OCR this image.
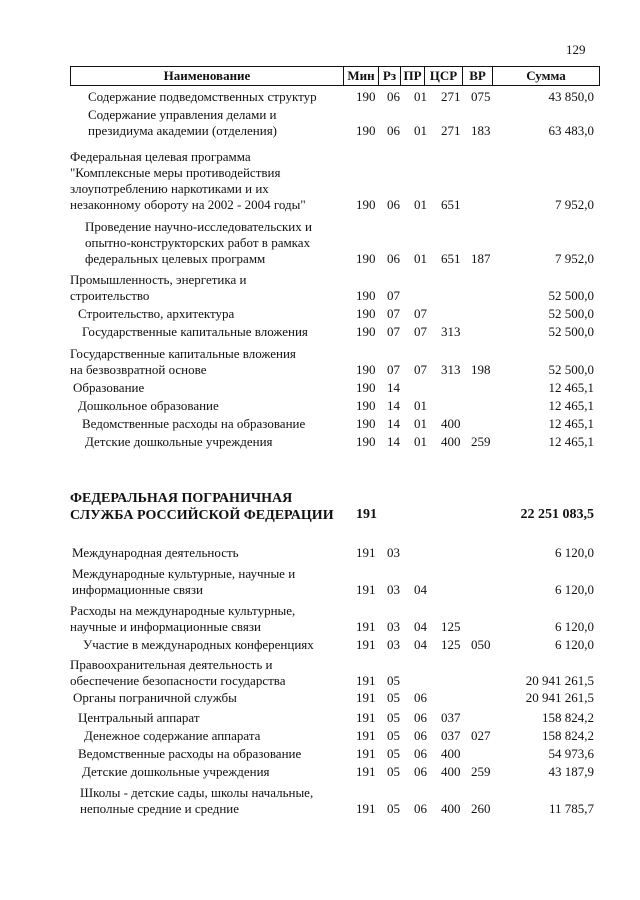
129
Наименование	Мин Рз ПР ЦСР ВР	Сумма
Содержание подведомственных структур	190 06 01 271 075	43 850,0
Содержание управления делами и
президиума академии (отделения)	190 06 01 271 183	63 483,0
Федеральная целевая программа
"Комплексные меры противодействия
злоупотреблению наркотиками и их
незаконному обороту на 2002 - 2004 годы"	190 06 01 651	7 952,0
Проведение научно-исследовательских и
опытно-конструкторских работ в рамках
федеральных целевых программ	190 06 01 651 187	7 952,0
Промышленность, энергетика и
строительство	190 07	52 500,0
Строительство, архитектура	190 07 07	52 500,0
Государственные капитальные вложения	190 07 07 313	52 500,0
Государственные капитальные вложения
на безвозвратной основе	190 07 07 313 198	52 500,0
Образование	190 14	12 465,1
Дошкольное образование	190 14 01	12 465,1
Ведомственные расходы на образование	190 14 01 400	12 465,1
Детские дошкольные учреждения	190 14 01 400 259	12 465,1
ФЕДЕРАЛЬНАЯ ПОГРАНИЧНАЯ
СЛУЖБА РОССИЙСКОЙ ФЕДЕРАЦИИ 191	22 251 083,5
Международная деятельность	191 03	6 120,0
Международные культурные, научные и
информационные связи	191 03 04	6 120,0
Расходы на международные культурные,
научные и информационные связи	191 03 04 125	6 120,0
Участие в международных конференциях	191 03 04 125 050	6 120,0
Правоохранительная деятельность и
обеспечение безопасности государства	191 05	20 941 261,5
Органы пограничной службы	191 05 06	20 941 261,5
Центральный аппарат	191 05 06 037	158 824,2
Денежное содержание аппарата	191 05 06 037 027	158 824,2
Ведомственные расходы на образование	191 05 06 400	54 973,6
Детские дошкольные учреждения	191 05 06 400 259	43 187,9
Школы - детские сады, школы начальные,
неполные средние и средние	191 05 06 400 260	11 785,7
